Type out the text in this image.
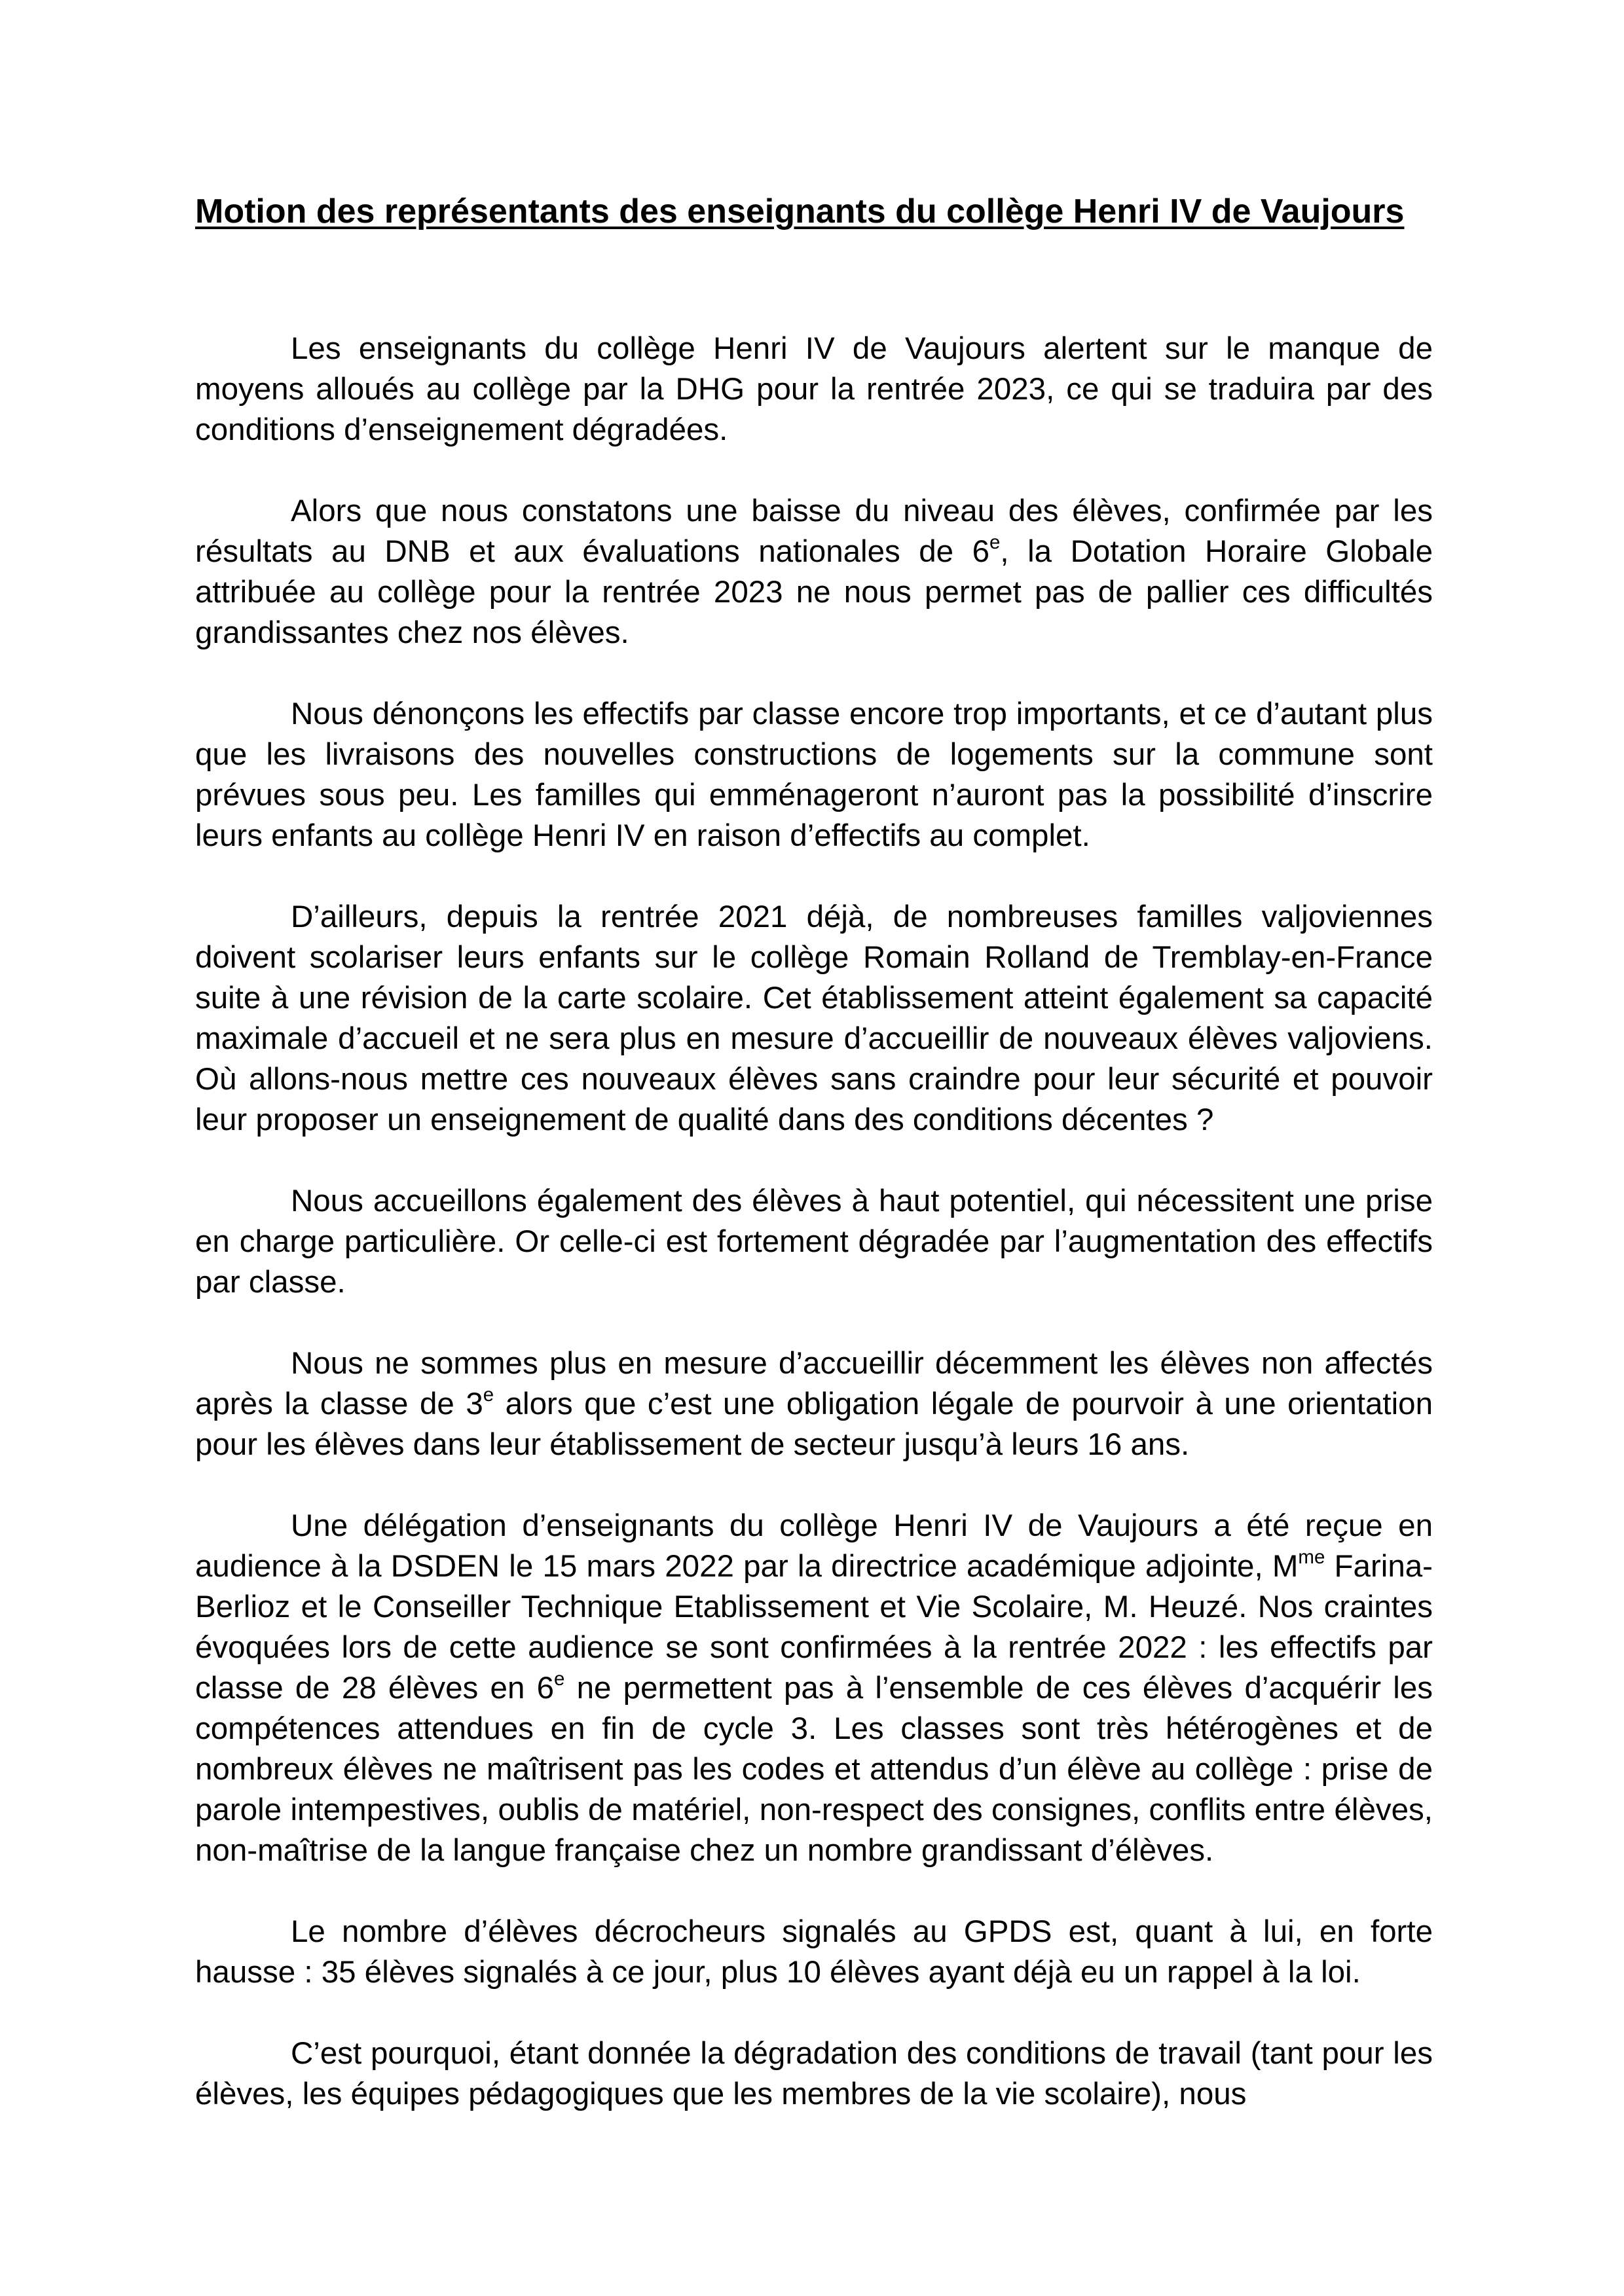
Motion des représentants des enseignants du collège Henri IV de Vaujours

Les enseignants du collège Henri IV de Vaujours alertent sur le manque de moyens alloués au collège par la DHG pour la rentrée 2023, ce qui se traduira par des conditions d’enseignement dégradées.

Alors que nous constatons une baisse du niveau des élèves, confirmée par les résultats au DNB et aux évaluations nationales de 6e, la Dotation Horaire Globale attribuée au collège pour la rentrée 2023 ne nous permet pas de pallier ces difficultés grandissantes chez nos élèves.

Nous dénonçons les effectifs par classe encore trop importants, et ce d’autant plus que les livraisons des nouvelles constructions de logements sur la commune sont prévues sous peu. Les familles qui emménageront n’auront pas la possibilité d’inscrire leurs enfants au collège Henri IV en raison d’effectifs au complet.

D’ailleurs, depuis la rentrée 2021 déjà, de nombreuses familles valjoviennes doivent scolariser leurs enfants sur le collège Romain Rolland de Tremblay-en-France suite à une révision de la carte scolaire. Cet établissement atteint également sa capacité maximale d’accueil et ne sera plus en mesure d’accueillir de nouveaux élèves valjoviens. Où allons-nous mettre ces nouveaux élèves sans craindre pour leur sécurité et pouvoir leur proposer un enseignement de qualité dans des conditions décentes ?

Nous accueillons également des élèves à haut potentiel, qui nécessitent une prise en charge particulière. Or celle-ci est fortement dégradée par l’augmentation des effectifs par classe.

Nous ne sommes plus en mesure d’accueillir décemment les élèves non affectés après la classe de 3e alors que c’est une obligation légale de pourvoir à une orientation pour les élèves dans leur établissement de secteur jusqu’à leurs 16 ans.

Une délégation d’enseignants du collège Henri IV de Vaujours a été reçue en audience à la DSDEN le 15 mars 2022 par la directrice académique adjointe, $M^{me}$ Farina-Berlioz et le Conseiller Technique Etablissement et Vie Scolaire, M. Heuzé. Nos craintes évoquées lors de cette audience se sont confirmées à la rentrée 2022 : les effectifs par classe de 28 élèves en 6e ne permettent pas à l’ensemble de ces élèves d’acquérir les compétences attendues en fin de cycle 3. Les classes sont très hétérogènes et de nombreux élèves ne maîtrisent pas les codes et attendus d’un élève au collège : prise de parole intempestives, oublis de matériel, non-respect des consignes, conflits entre élèves, non-maîtrise de la langue française chez un nombre grandissant d’élèves.

Le nombre d’élèves décrocheurs signalés au GPDS est, quant à lui, en forte hausse : 35 élèves signalés à ce jour, plus 10 élèves ayant déjà eu un rappel à la loi.

C’est pourquoi, étant donnée la dégradation des conditions de travail (tant pour les élèves, les équipes pédagogiques que les membres de la vie scolaire), nous
